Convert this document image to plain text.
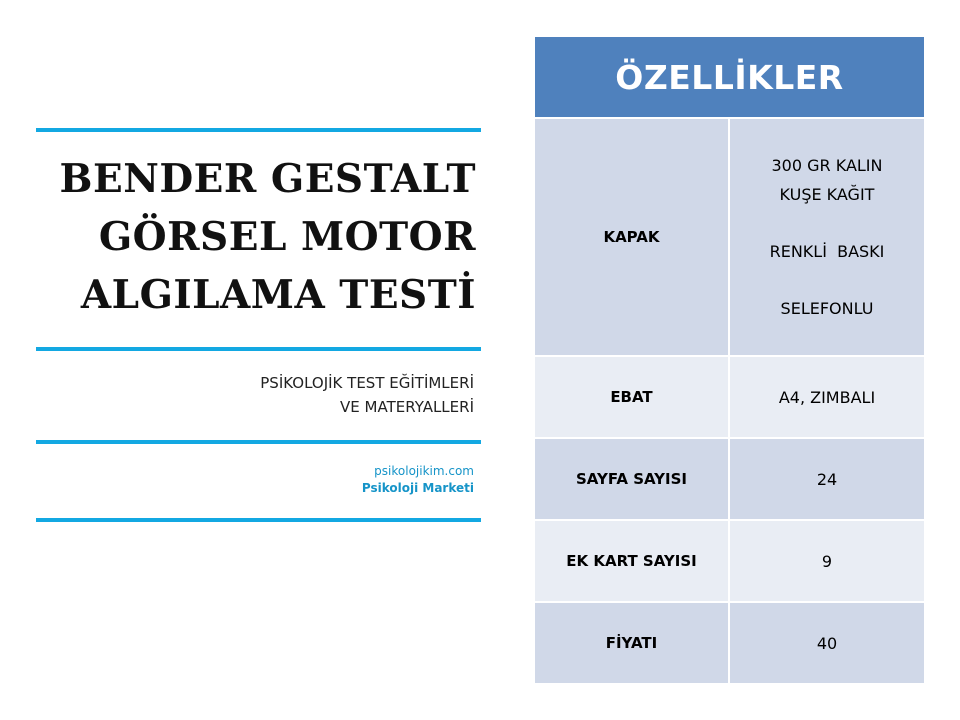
BENDER GESTALT
GÖRSEL MOTOR
ALGILAMA TESTİ
PSİKOLOJİK TEST EĞİTİMLERİ
VE MATERYALLERİ
psikolojikim.com
Psikoloji Marketi
ÖZELLİKLER	
KAPAK	300 GR KALIN
KUŞE KAĞIT
RENKLİ  BASKI
SELEFONLU

EBAT	A4, ZIMBALI
SAYFA SAYISI	24
EK KART SAYISI	9
FİYATI	40
